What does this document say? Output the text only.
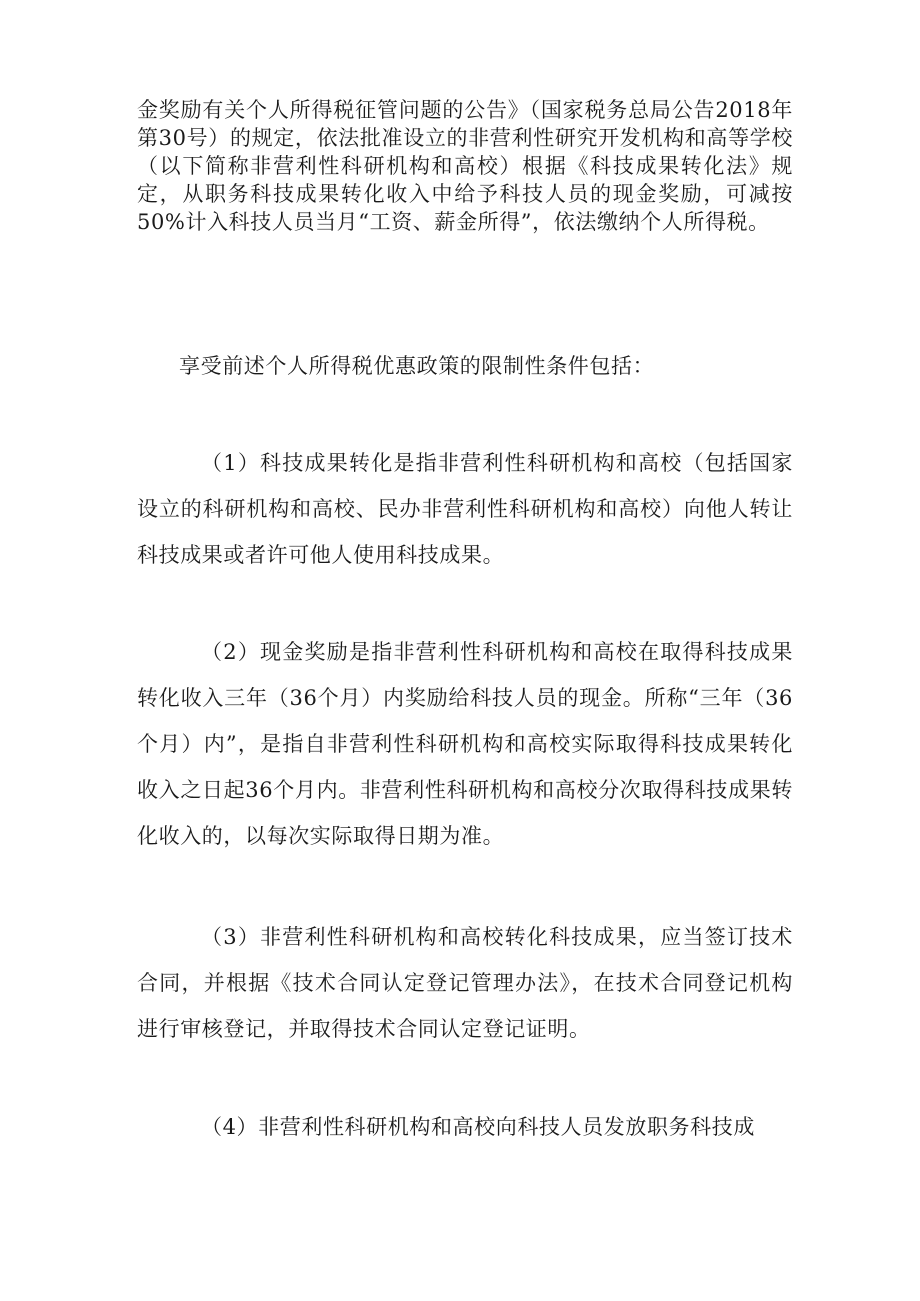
金奖励有关个人所得税征管问题的公告》（国家税务总局公告2018年第30号）的规定，依法批准设立的非营利性研究开发机构和高等学校（以下简称非营利性科研机构和高校）根据《科技成果转化法》规定，从职务科技成果转化收入中给予科技人员的现金奖励，可减按50%计入科技人员当月“工资、薪金所得”，依法缴纳个人所得税。

享受前述个人所得税优惠政策的限制性条件包括：

（1）科技成果转化是指非营利性科研机构和高校（包括国家设立的科研机构和高校、民办非营利性科研机构和高校）向他人转让科技成果或者许可他人使用科技成果。

（2）现金奖励是指非营利性科研机构和高校在取得科技成果转化收入三年（36个月）内奖励给科技人员的现金。所称“三年（36个月）内”，是指自非营利性科研机构和高校实际取得科技成果转化收入之日起36个月内。非营利性科研机构和高校分次取得科技成果转化收入的，以每次实际取得日期为准。

（3）非营利性科研机构和高校转化科技成果，应当签订技术合同，并根据《技术合同认定登记管理办法》，在技术合同登记机构进行审核登记，并取得技术合同认定登记证明。

（4）非营利性科研机构和高校向科技人员发放职务科技成
